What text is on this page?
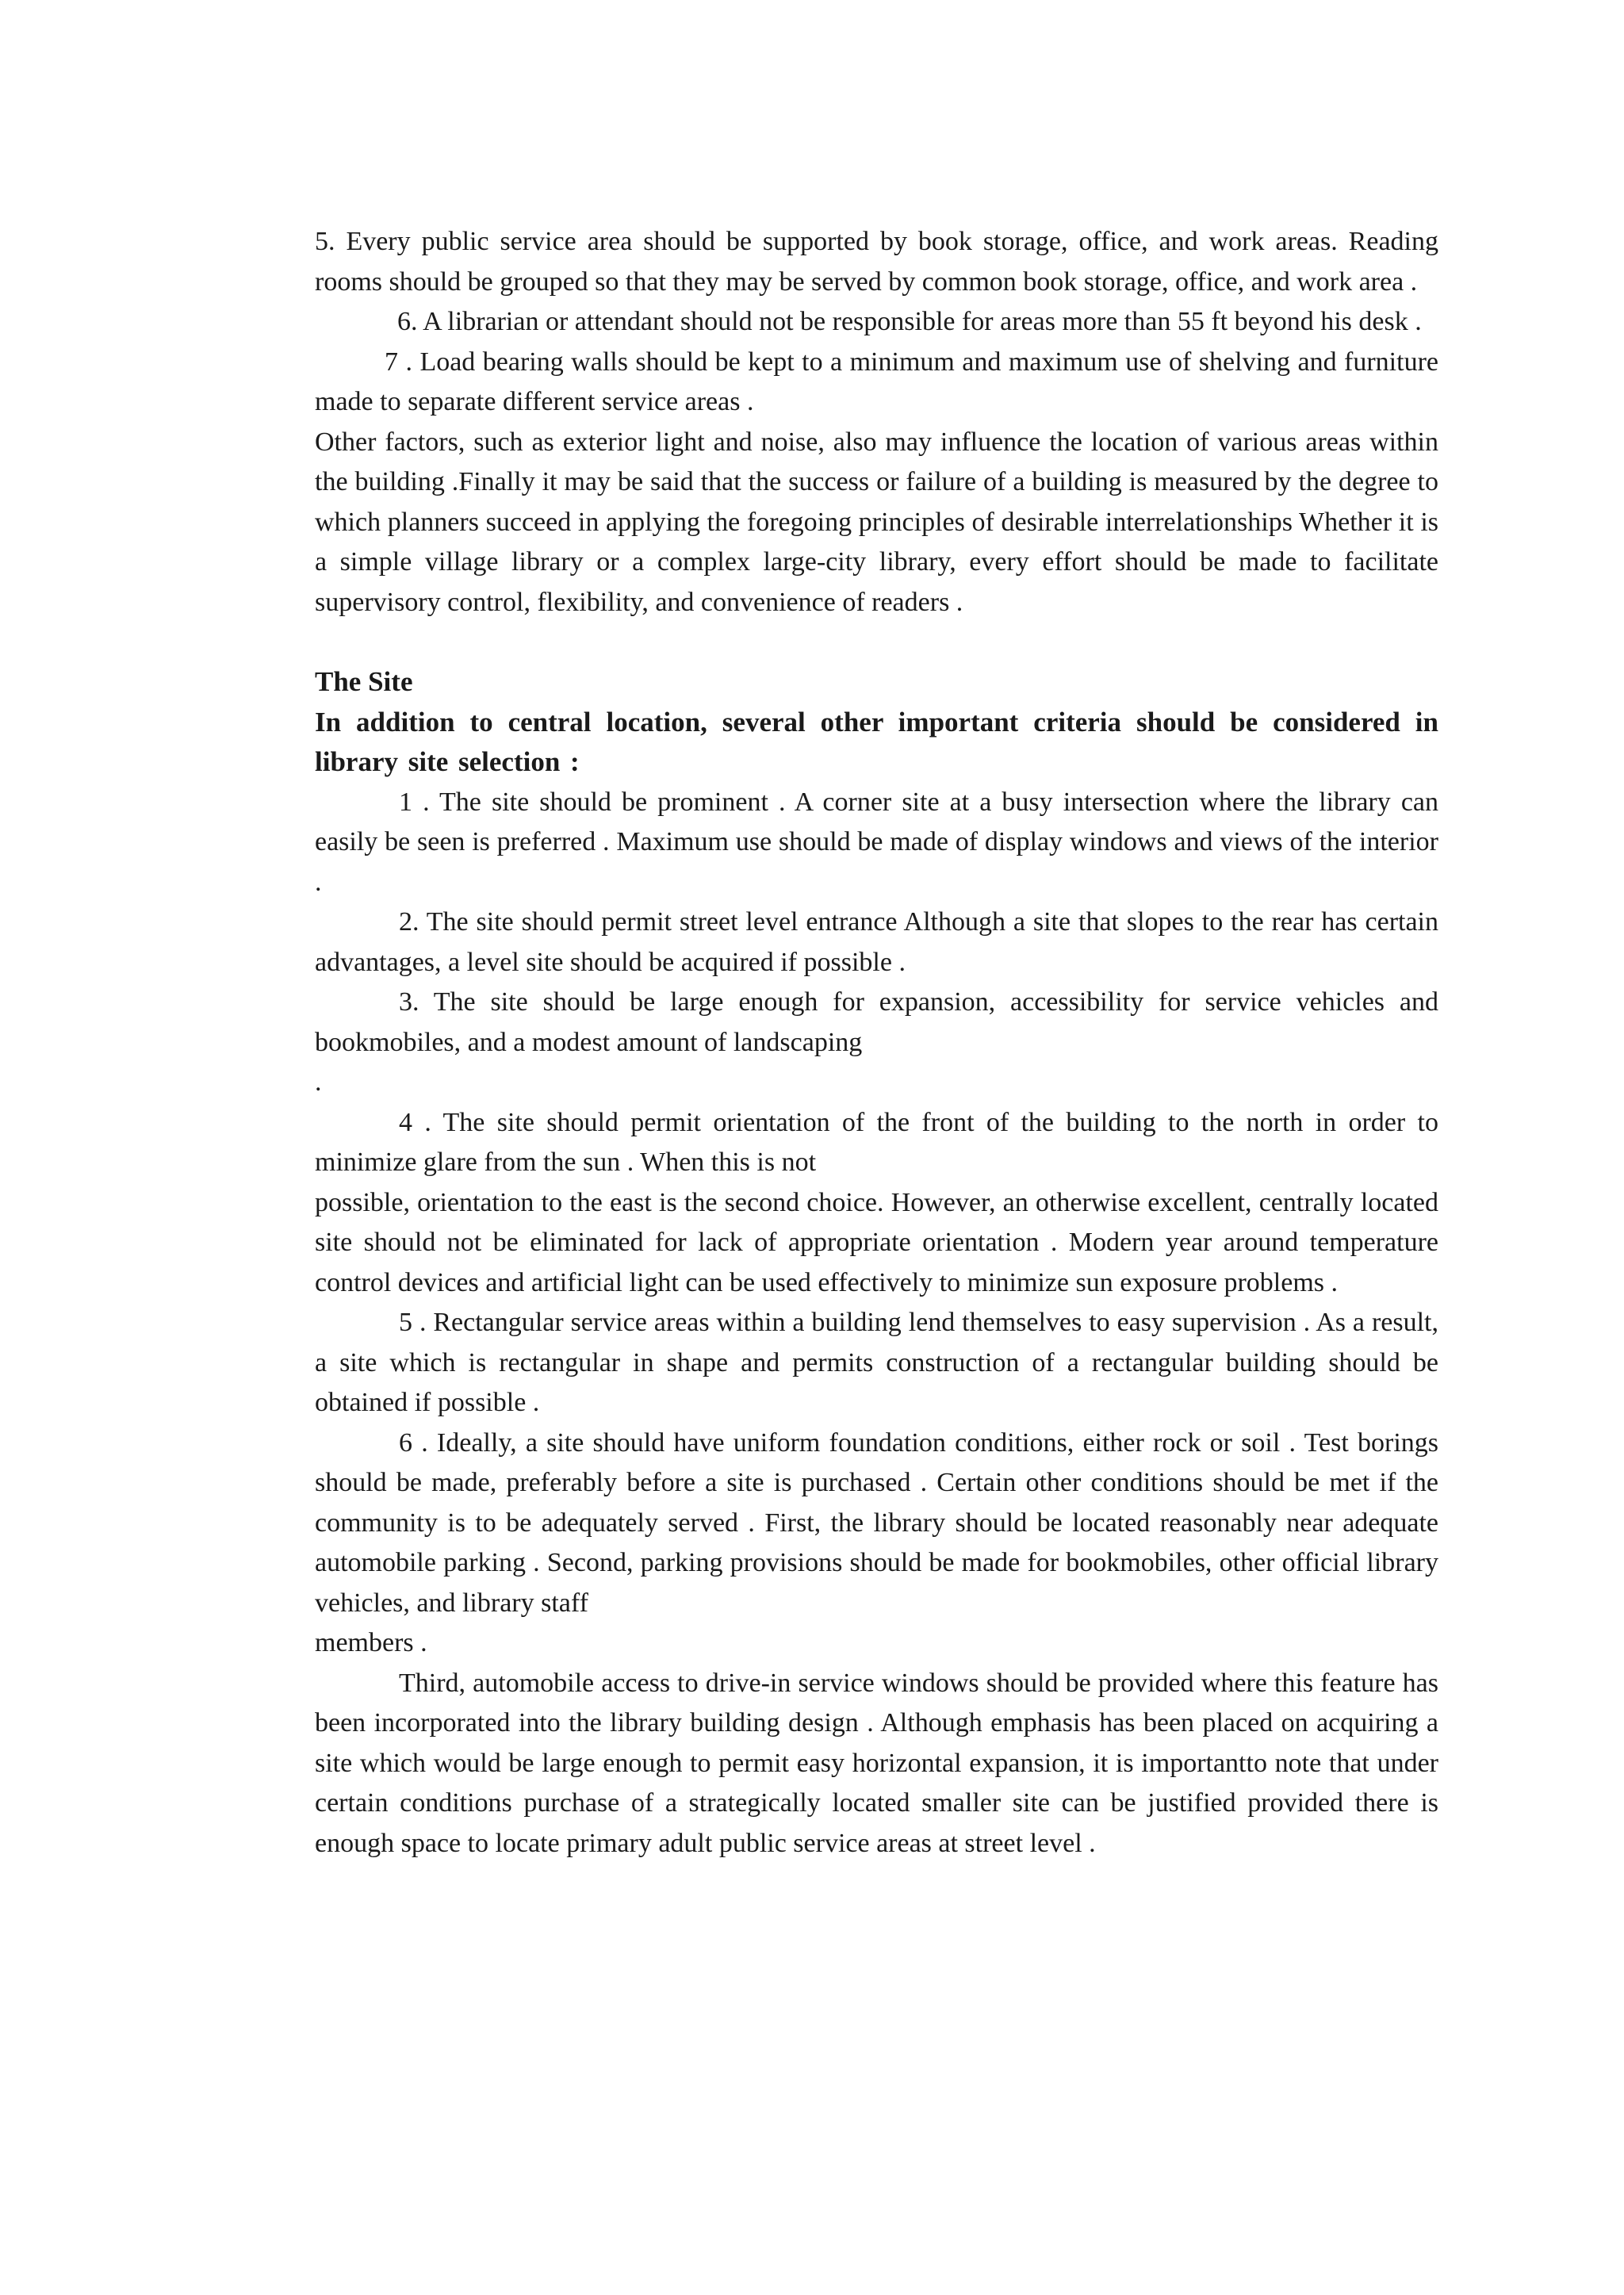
5. Every public service area should be supported by book storage, office, and work areas. Reading rooms should be grouped so that they may be served by common book storage, office, and work area .

6. A librarian or attendant should not be responsible for areas more than 55 ft beyond his desk .

7 . Load bearing walls should be kept to a minimum and maximum use of shelving and furniture made to separate different service areas .

Other factors, such as exterior light and noise, also may influence the location of various areas within the building .Finally it may be said that the success or failure of a building is measured by the degree to which planners succeed in applying the foregoing principles of desirable interrelationships Whether it is a simple village library or a complex large-city library, every effort should be made to facilitate supervisory control, flexibility, and convenience of readers .

The Site

In addition to central location, several other important criteria should be considered in library site selection :

1 . The site should be prominent . A corner site at a busy intersection where the library can easily be seen is preferred . Maximum use should be made of display windows and views of the interior .

2. The site should permit street level entrance Although a site that slopes to the rear has certain advantages, a level site should be acquired if possible .

3. The site should be large enough for expansion, accessibility for service vehicles and bookmobiles, and a modest amount of landscaping

.

4 . The site should permit orientation of the front of the building to the north in order to minimize glare from the sun . When this is not

possible, orientation to the east is the second choice. However, an otherwise excellent, centrally located site should not be eliminated for lack of appropriate orientation . Modern year around temperature control devices and artificial light can be used effectively to minimize sun exposure problems .

5 . Rectangular service areas within a building lend themselves to easy supervision . As a result, a site which is rectangular in shape and permits construction of a rectangular building should be obtained if possible .

6 . Ideally, a site should have uniform foundation conditions, either rock or soil . Test borings should be made, preferably before a site is purchased . Certain other conditions should be met if the community is to be adequately served . First, the library should be located reasonably near adequate automobile parking . Second, parking provisions should be made for bookmobiles, other official library vehicles, and library staff

members .

Third, automobile access to drive-in service windows should be provided where this feature has been incorporated into the library building design . Although emphasis has been placed on acquiring a site which would be large enough to permit easy horizontal expansion, it is importantto note that under certain conditions purchase of a strategically located smaller site can be justified provided there is enough space to locate primary adult public service areas at street level .
